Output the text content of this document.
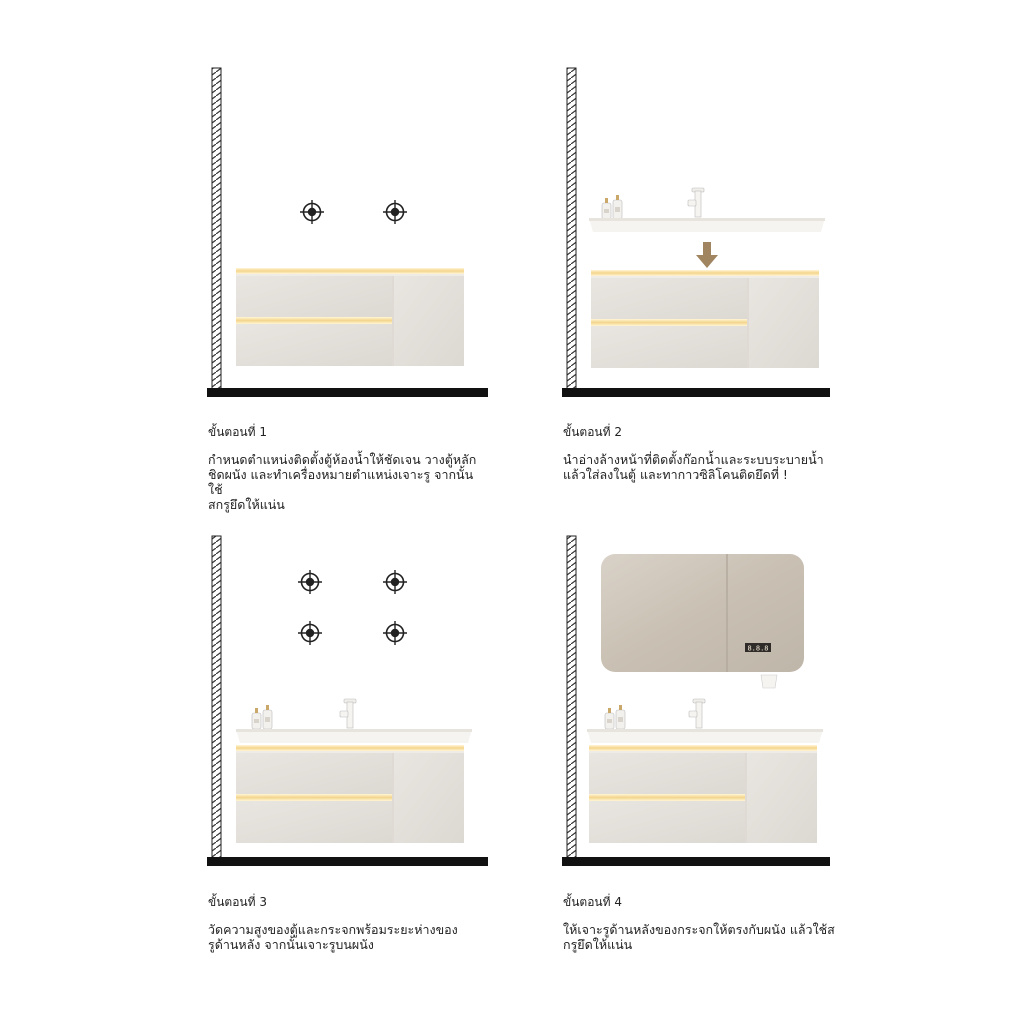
ขั้นตอนที่ 1
กำหนดตำแหน่งติดตั้งตู้ห้องน้ำให้ชัดเจน วางตู้หลัก
ชิดผนัง และทำเครื่องหมายตำแหน่งเจาะรู จากนั้นใช้
สกรูยึดให้แน่น
ขั้นตอนที่ 2
นำอ่างล้างหน้าที่ติดตั้งก๊อกน้ำและระบบระบายน้ำ
แล้วใส่ลงในตู้ และทากาวซิลิโคนติดยึดที่ !
ขั้นตอนที่ 3
วัดความสูงของตู้และกระจกพร้อมระยะห่างของ
รูด้านหลัง จากนั้นเจาะรูบนผนัง
8.8.8
ขั้นตอนที่ 4
ให้เจาะรูด้านหลังของกระจกให้ตรงกับผนัง แล้วใช้ส
กรูยึดให้แน่น
